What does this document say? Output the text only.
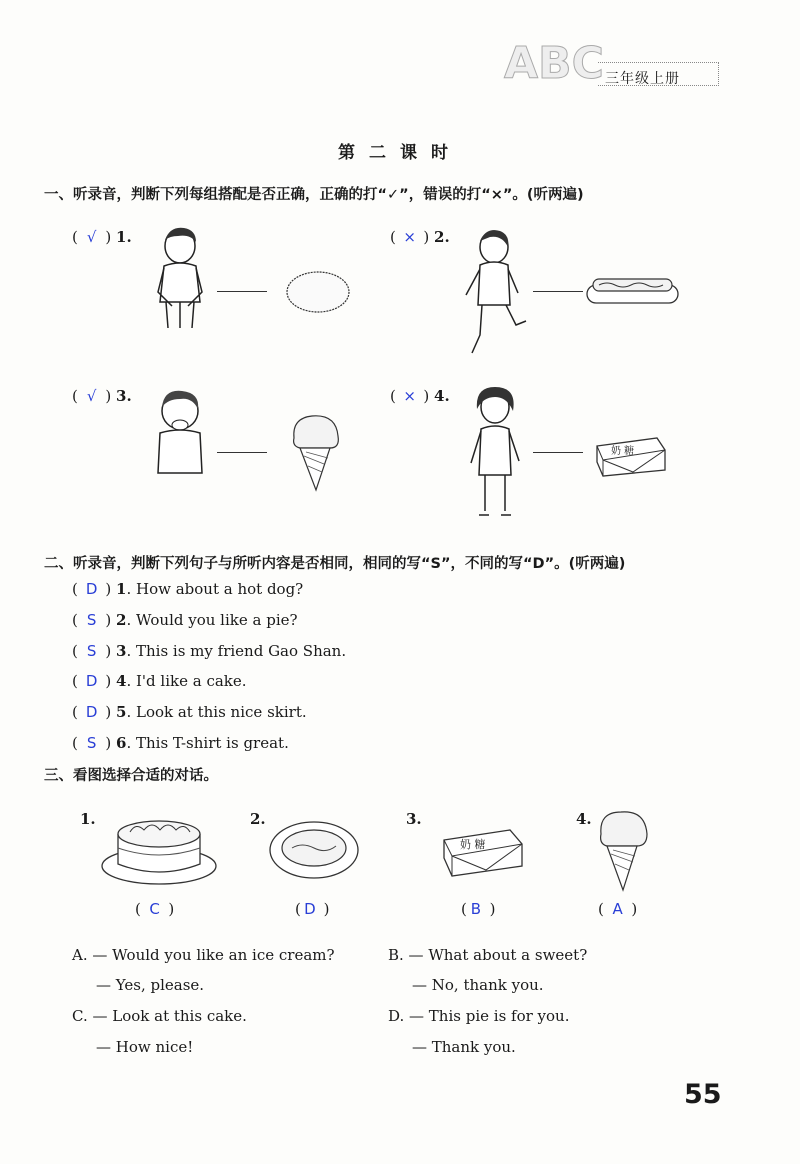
ABC 三年级上册
第二课时
一、听录音，判断下列每组搭配是否正确，正确的打“✓”，错误的打“×”。(听两遍)
( √ ) 1.	( × ) 2.
( √ ) 3.	( × ) 4.
奶 糖
二、听录音，判断下列句子与所听内容是否相同，相同的写“S”，不同的写“D”。(听两遍)
( D ) 1. How about a hot dog?
( S ) 2. Would you like a pie?
( S ) 3. This is my friend Gao Shan.
( D ) 4. I'd like a cake.
( D ) 5. Look at this nice skirt.
( S ) 6. This T-shirt is great.
三、看图选择合适的对话。
1.	2.	3.
奶 糖
4.
( C )	( D )	( B )	( A )
A. — Would you like an ice cream?
— Yes, please.
B. — What about a sweet?
— No, thank you.
C. — Look at this cake.
— How nice!
D. — This pie is for you.
— Thank you.
55
